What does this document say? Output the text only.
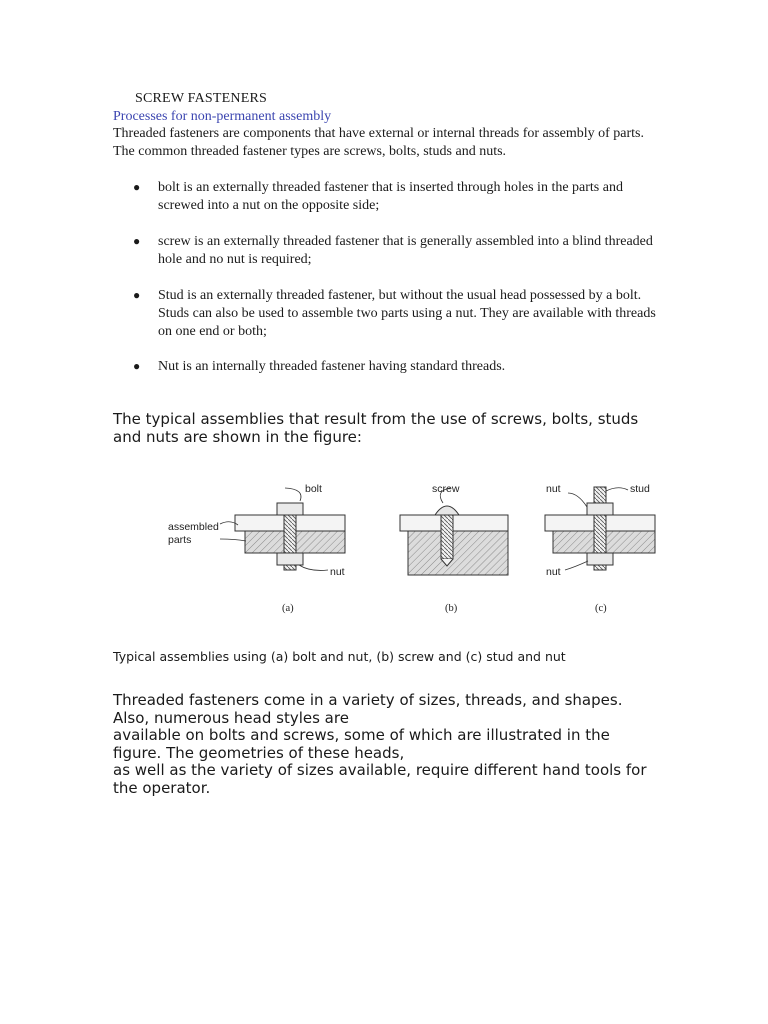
SCREW FASTENERS
Processes for non-permanent assembly
Threaded fasteners are components that have external or internal threads for assembly of parts. The common threaded fastener types are screws, bolts, studs and nuts.
● bolt is an externally threaded fastener that is inserted through holes in the parts and screwed into a nut on the opposite side;
● screw is an externally threaded fastener that is generally assembled into a blind threaded hole and no nut is required;
● Stud is an externally threaded fastener, but without the usual head possessed by a bolt. Studs can also be used to assemble two parts using a nut. They are available with threads on one end or both;
● Nut is an internally threaded fastener having standard threads.
The typical assemblies that result from the use of screws, bolts, studs and nuts are shown in the figure:
bolt
assembled
parts
nut
(a)
screw
(b)
nut	stud
nut
(c)
Typical assemblies using (a) bolt and nut, (b) screw and (c) stud and nut
Threaded fasteners come in a variety of sizes, threads, and shapes.
Also, numerous head styles are
available on bolts and screws, some of which are illustrated in the
figure. The geometries of these heads,
as well as the variety of sizes available, require different hand tools for
the operator.
